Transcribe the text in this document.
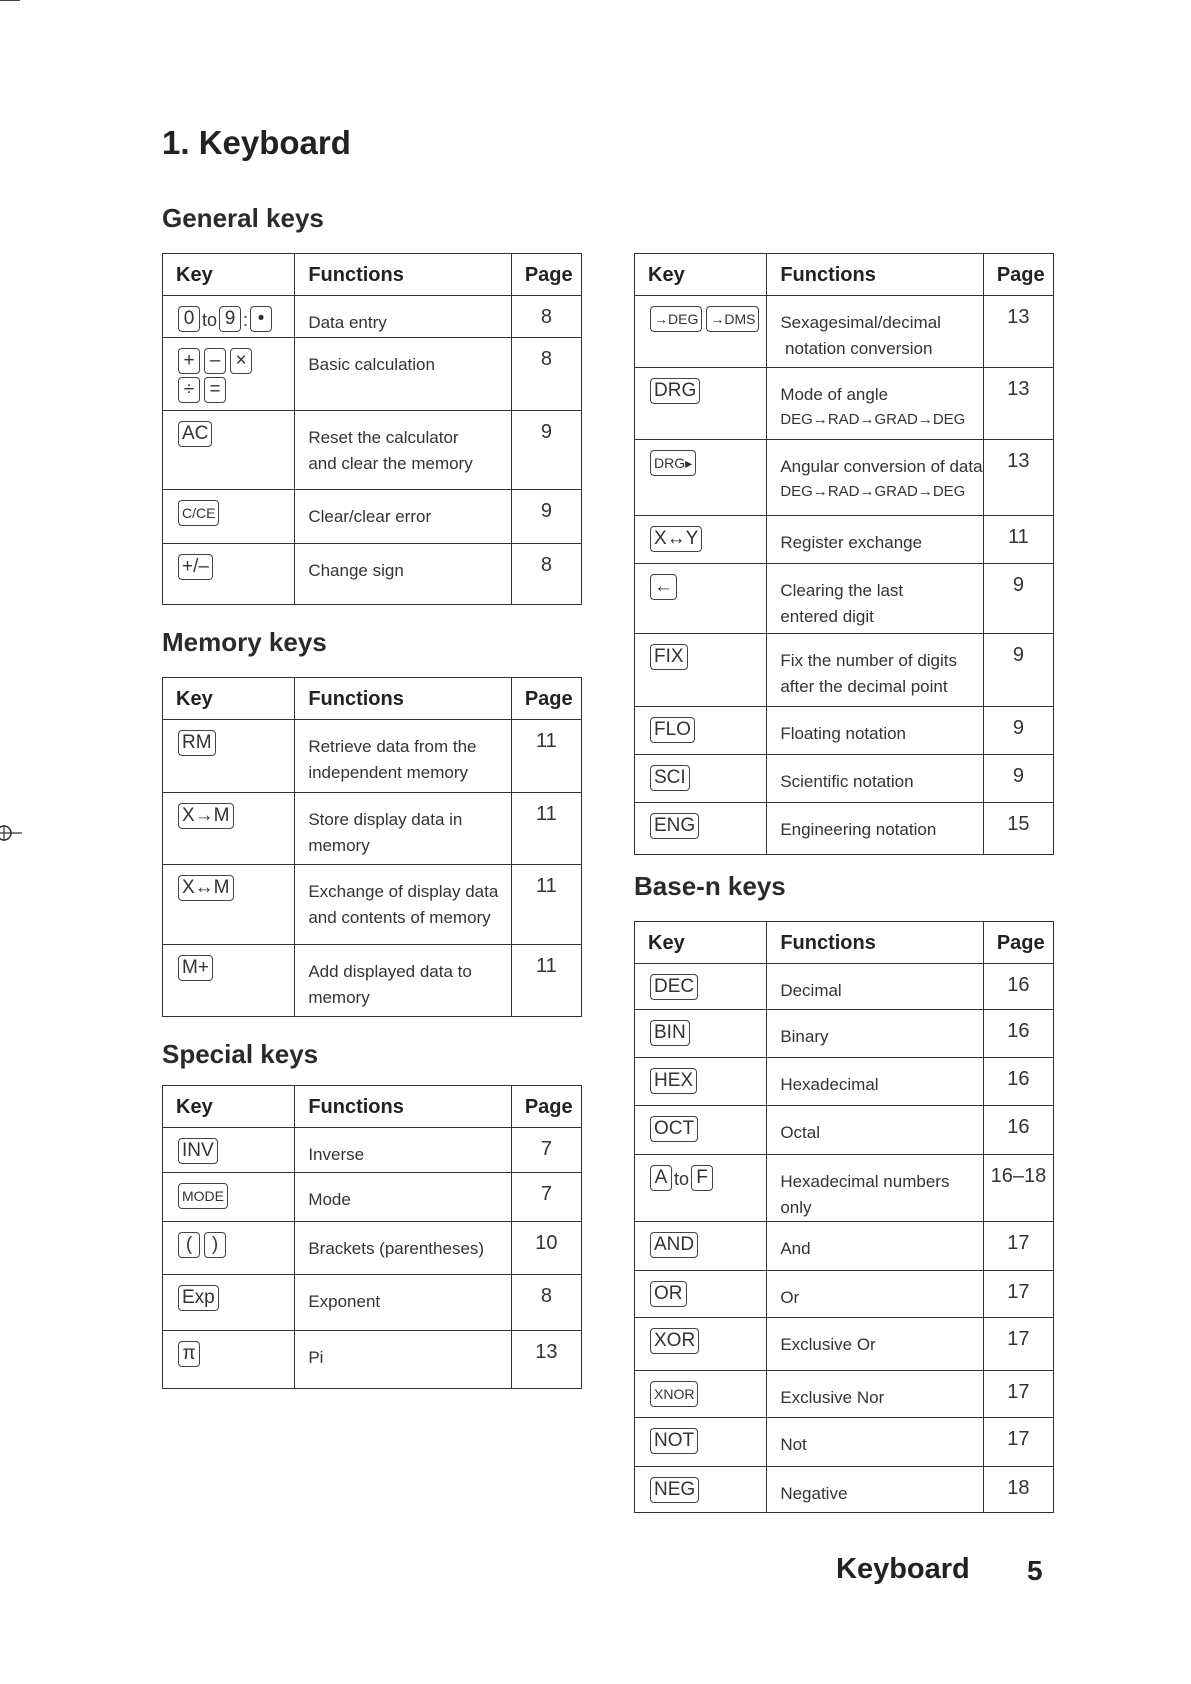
1. Keyboard
General keys
Key	Functions	Page
0 to 9 : •	Data entry	8
+ – ×
÷ =	Basic calculation	8
AC	Reset the calculator
and clear the memory	9
C/CE	Clear/clear error	9
+/–	Change sign	8
Memory keys
Key	Functions	Page
RM	Retrieve data from the
independent memory	11
X→M	Store display data in
memory	11
X↔M	Exchange of display data
and contents of memory	11
M+	Add displayed data to
memory	11
Special keys
Key	Functions	Page
INV	Inverse	7
MODE	Mode	7
( )	Brackets (parentheses)	10
Exp	Exponent	8
π	Pi	13
Key	Functions	Page
→DEG →DMS	Sexagesimal/decimal
notation conversion	13
DRG	Mode of angle
DEG→RAD→GRAD→DEG	13
DRG▸	Angular conversion of data
DEG→RAD→GRAD→DEG	13
X↔Y	Register exchange	11
←	Clearing the last
entered digit	9
FIX	Fix the number of digits
after the decimal point	9
FLO	Floating notation	9
SCI	Scientific notation	9
ENG	Engineering notation	15
Base-n keys
Key	Functions	Page
DEC	Decimal	16
BIN	Binary	16
HEX	Hexadecimal	16
OCT	Octal	16
A to F	Hexadecimal numbers only	16–18
AND	And	17
OR	Or	17
XOR	Exclusive Or	17
XNOR	Exclusive Nor	17
NOT	Not	17
NEG	Negative	18
Keyboard 5
